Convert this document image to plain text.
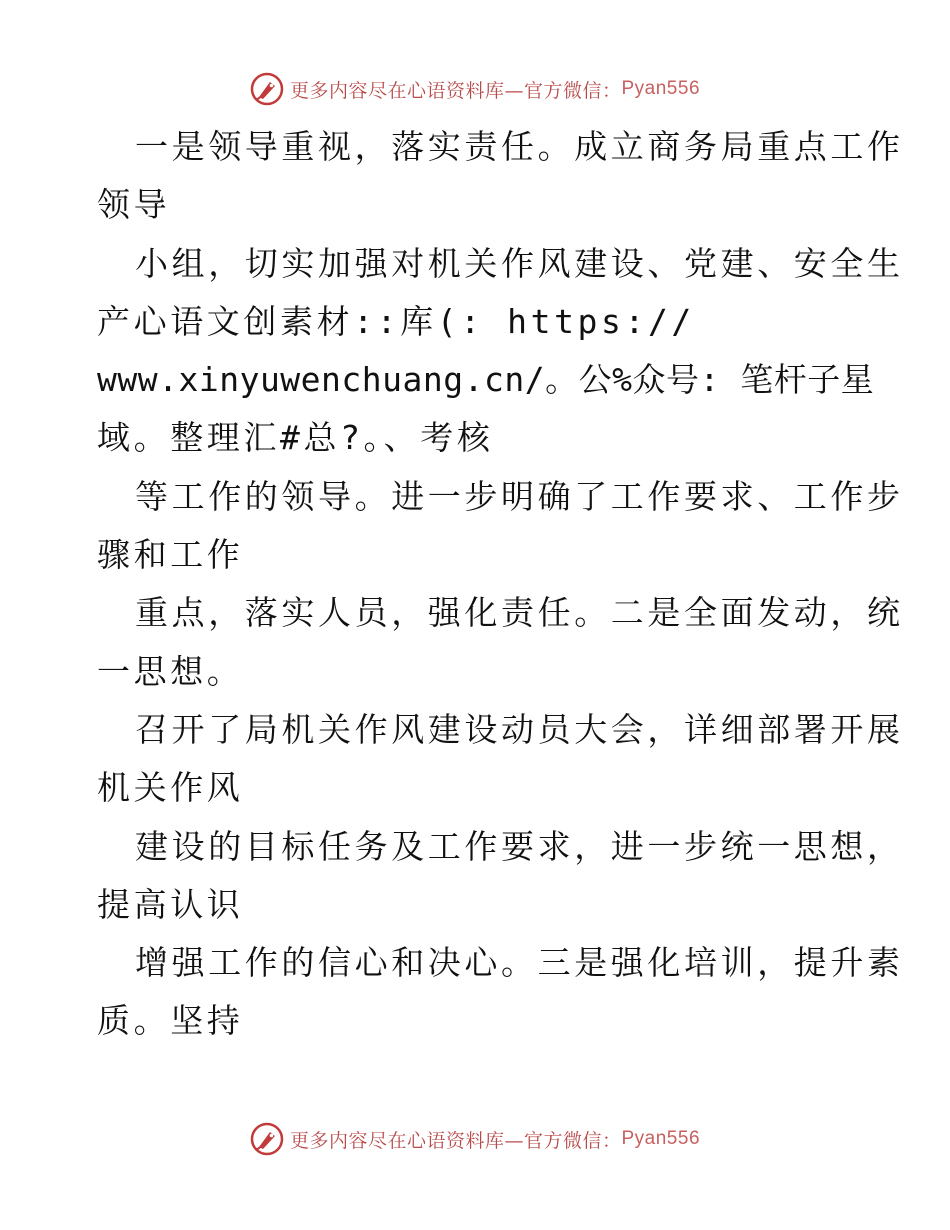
更多内容尽在心语资料库— 官方微信： Pyan556
一是领导重视，落实责任。成立商务局重点工作
领导
小组，切实加强对机关作风建设、党建、安全生
产心语文创素材::库(: https://
www.xinyuwenchuang.cn/。公%众号: 笔杆子星
域。整理汇#总?。、考核
等工作的领导。进一步明确了工作要求、工作步
骤和工作
重点，落实人员，强化责任。二是全面发动，统
一思想。
召开了局机关作风建设动员大会，详细部署开展
机关作风
建设的目标任务及工作要求，进一步统一思想，
提高认识
增强工作的信心和决心。三是强化培训，提升素
质。坚持
更多内容尽在心语资料库— 官方微信： Pyan556
